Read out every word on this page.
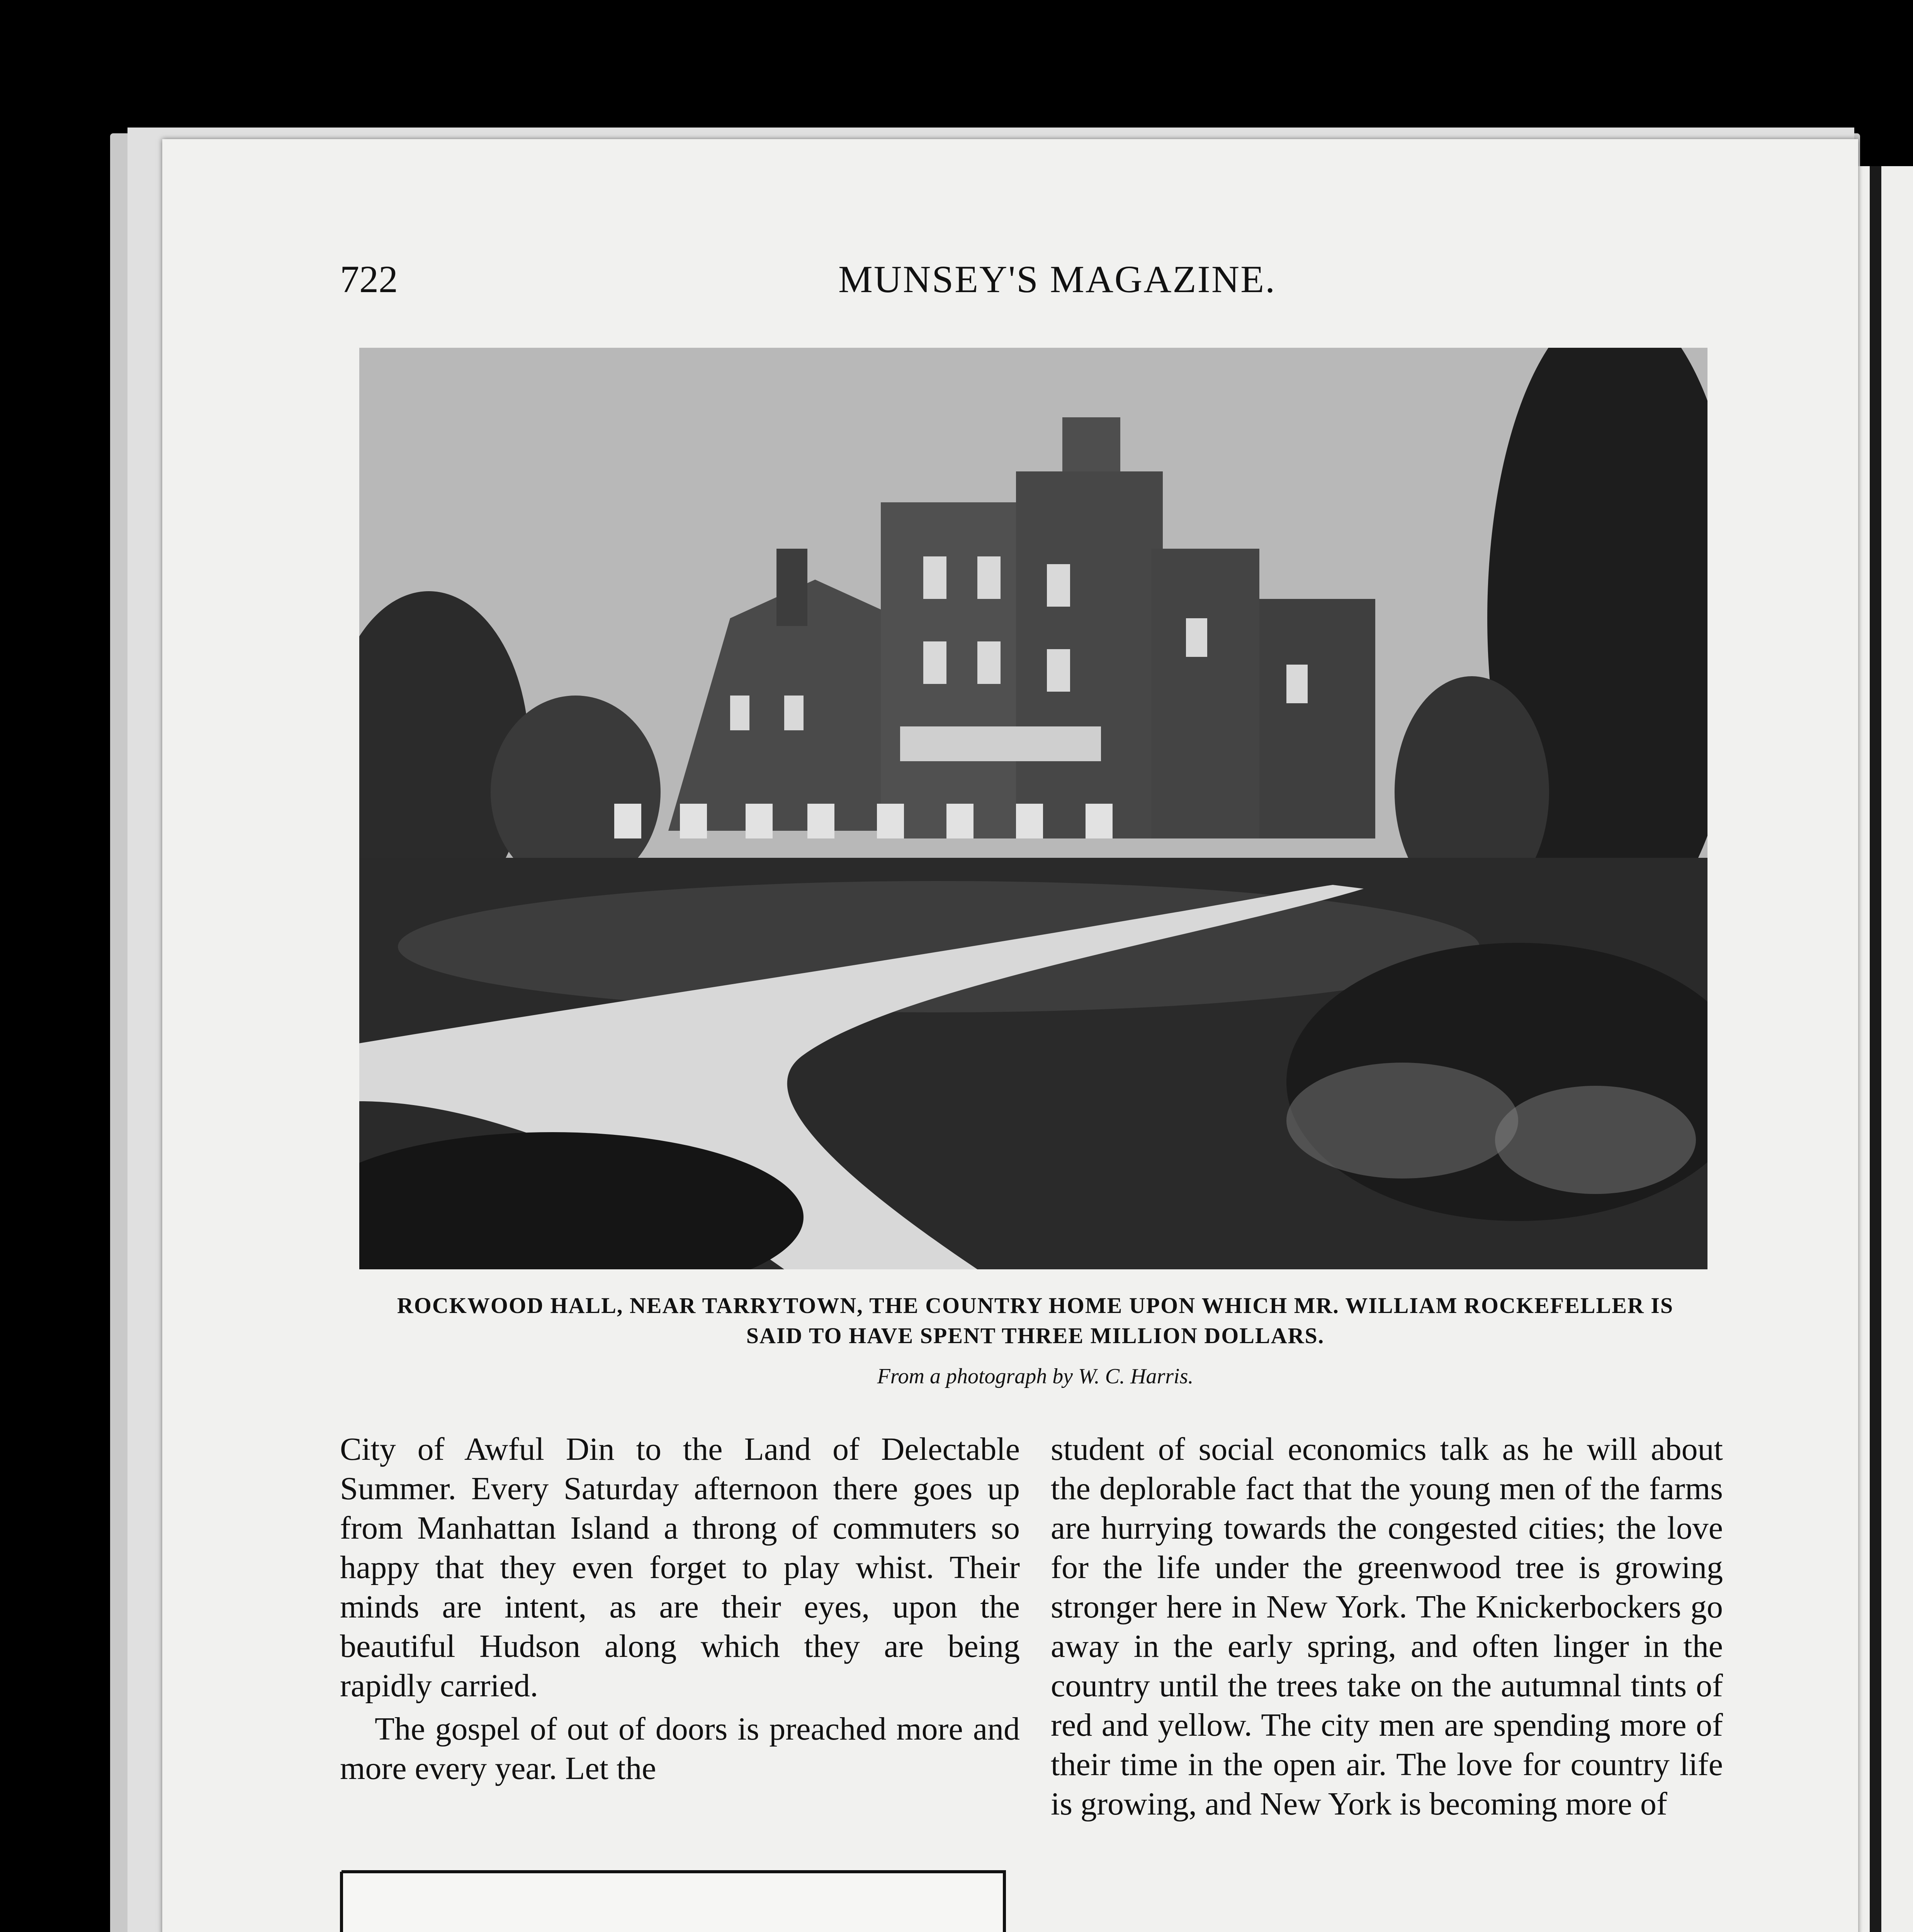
722	MUNSEY'S MAGAZINE.
ROCKWOOD HALL, NEAR TARRYTOWN, THE COUNTRY HOME UPON WHICH MR. WILLIAM ROCKEFELLER IS
SAID TO HAVE SPENT THREE MILLION DOLLARS.
From a photograph by W. C. Harris.

City of Awful Din to the Land of Delectable Summer. Every Saturday afternoon there goes up from Manhattan Island a throng of commuters so happy that they even forget to play whist. Their minds are intent, as are their eyes, upon the beautiful Hudson along which they are being rapidly carried.

The gospel of out of doors is preached more and more every year. Let the

student of social economics talk as he will about the deplorable fact that the young men of the farms are hurrying towards the congested cities; the love for the life under the greenwood tree is growing stronger here in New York. The Knickerbockers go away in the early spring, and often linger in the country until the trees take on the autumnal tints of red and yellow. The city men are spending more of their time in the open air. The love for country life is growing, and New York is becoming more of
